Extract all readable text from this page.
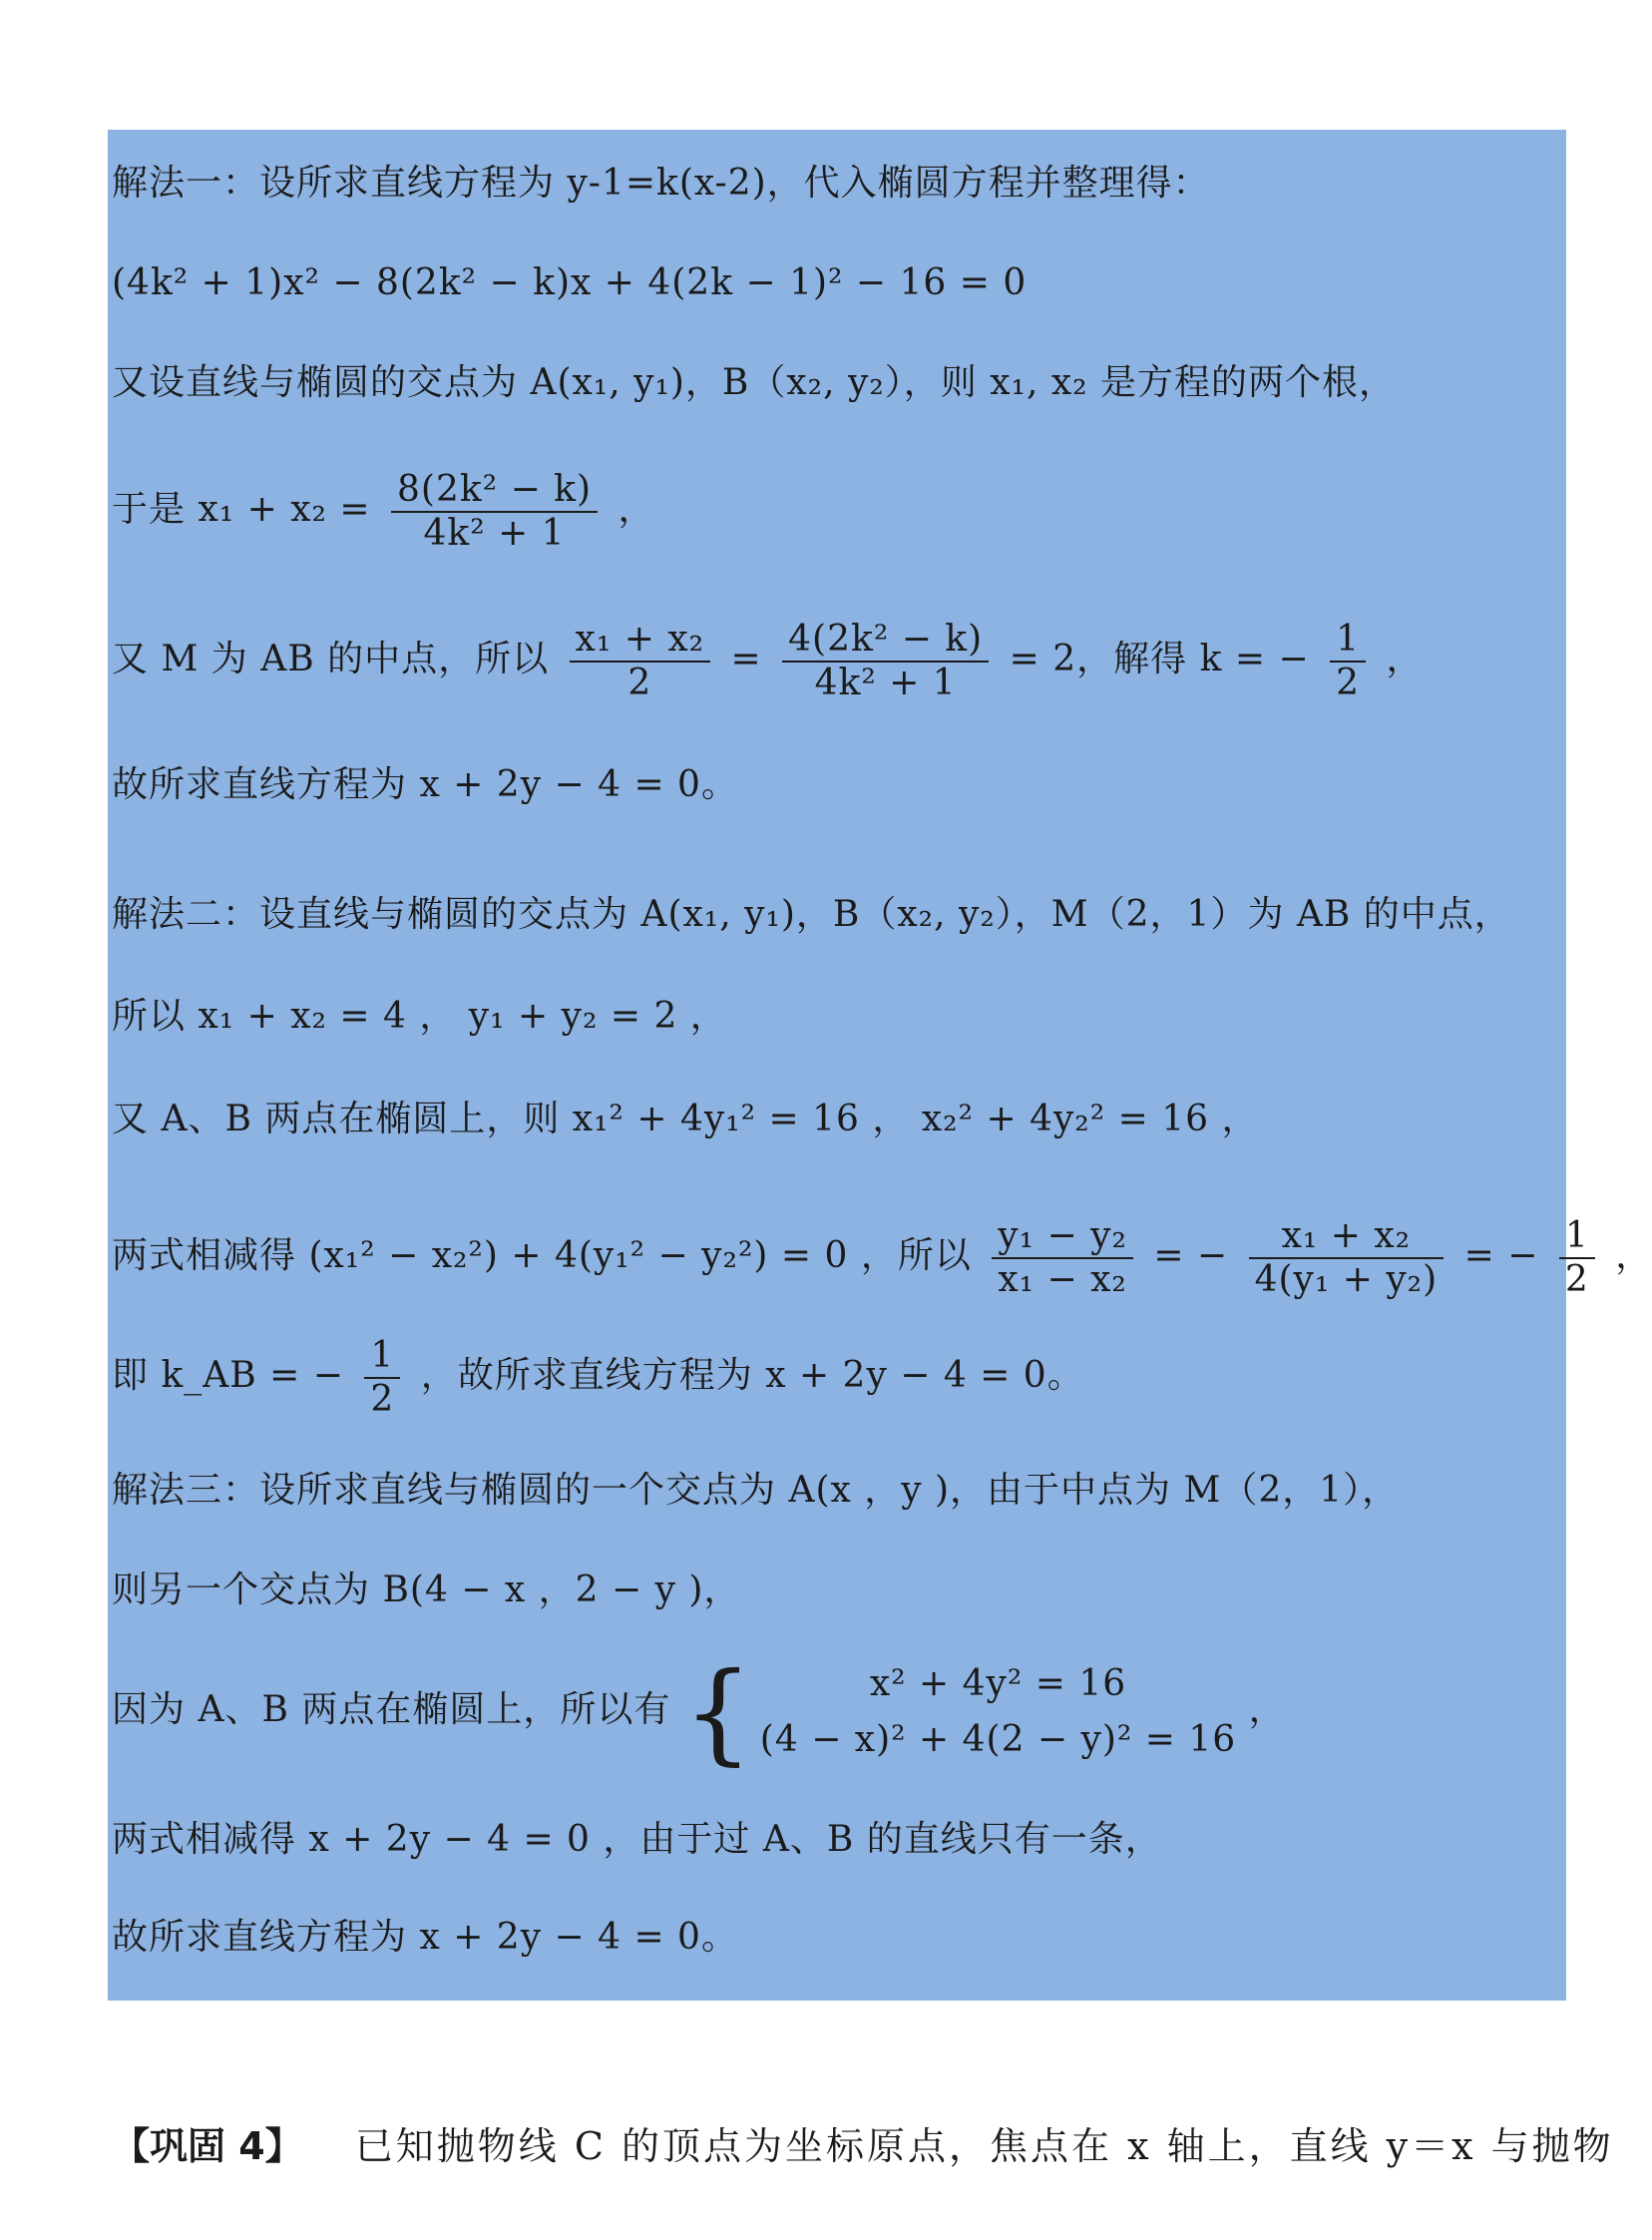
解法一：设所求直线方程为 y-1=k(x-2)，代入椭圆方程并整理得：
(4k² + 1)x² − 8(2k² − k)x + 4(2k − 1)² − 16 = 0
又设直线与椭圆的交点为 A(x₁, y₁)，B（x₂, y₂），则 x₁, x₂ 是方程的两个根，
于是 $x_1 + x_2 = \frac{\text{8(2k² − k)}}{\text{4k² + 1}}$ ，
又 M 为 AB 的中点，所以 $\frac{\text{x₁ + x₂}}{2} = \frac{\text{4(2k² − k)}}{\text{4k² + 1}} = 2$，解得 k = − $\frac{1}{2}$ ，
故所求直线方程为 x + 2y − 4 = 0。
解法二：设直线与椭圆的交点为 A(x₁, y₁)，B（x₂, y₂），M（2，1）为 AB 的中点，
所以 x₁ + x₂ = 4 ， y₁ + y₂ = 2 ，
又 A、B 两点在椭圆上，则 x₁² + 4y₁² = 16 ， x₂² + 4y₂² = 16 ，
两式相减得 (x₁² − x₂²) + 4(y₁² − y₂²) = 0 ，所以 $\frac{\text{y₁ − y₂}}{\text{x₁ − x₂}}$ = − $\frac{\text{x₁ + x₂}}{\text{4(y₁ + y₂)}}$ = − $\frac{1}{2}$ ，
即 k_AB = − $\frac{1}{2}$ ，故所求直线方程为 x + 2y − 4 = 0。
解法三：设所求直线与椭圆的一个交点为 A(x ，y )，由于中点为 M（2，1），
则另一个交点为 B(4 − x ，2 − y )，
因为 A、B 两点在椭圆上，所以有 {	x² + 4y² = 16
(4 − x)² + 4(2 − y)² = 16
，
两式相减得 x + 2y − 4 = 0 ，由于过 A、B 的直线只有一条，
故所求直线方程为 x + 2y − 4 = 0。
【巩固 4】 已知抛物线 C 的顶点为坐标原点，焦点在 x 轴上，直线 y＝x 与抛物
